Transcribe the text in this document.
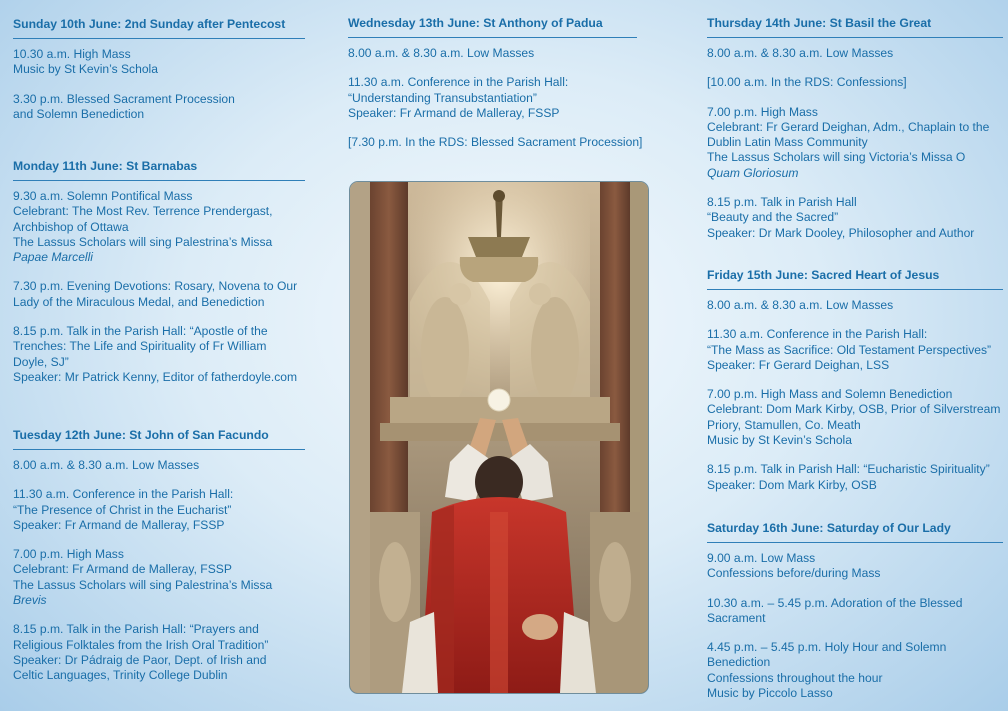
Sunday 10th June: 2nd Sunday after Pentecost
10.30 a.m. High Mass
Music by St Kevin’s Schola
3.30 p.m. Blessed Sacrament Procession
and Solemn Benediction
Monday 11th June: St Barnabas
9.30 a.m. Solemn Pontifical Mass
Celebrant: The Most Rev. Terrence Prendergast,
Archbishop of Ottawa
The Lassus Scholars will sing Palestrina’s Missa
Papae Marcelli
7.30 p.m. Evening Devotions: Rosary, Novena to Our
Lady of the Miraculous Medal, and Benediction
8.15 p.m. Talk in the Parish Hall: “Apostle of the
Trenches: The Life and Spirituality of Fr William
Doyle, SJ”
Speaker: Mr Patrick Kenny, Editor of fatherdoyle.com
Tuesday 12th June: St John of San Facundo
8.00 a.m. & 8.30 a.m. Low Masses
11.30 a.m. Conference in the Parish Hall:
“The Presence of Christ in the Eucharist”
Speaker: Fr Armand de Malleray, FSSP
7.00 p.m. High Mass
Celebrant: Fr Armand de Malleray, FSSP
The Lassus Scholars will sing Palestrina’s Missa
Brevis
8.15 p.m. Talk in the Parish Hall: “Prayers and
Religious Folktales from the Irish Oral Tradition”
Speaker: Dr Pádraig de Paor, Dept. of Irish and
Celtic Languages, Trinity College Dublin
Wednesday 13th June: St Anthony of Padua
8.00 a.m. & 8.30 a.m. Low Masses
11.30 a.m. Conference in the Parish Hall:
“Understanding Transubstantiation”
Speaker: Fr Armand de Malleray, FSSP
[7.30 p.m. In the RDS: Blessed Sacrament Procession]
Thursday 14th June: St Basil the Great
8.00 a.m. & 8.30 a.m. Low Masses
[10.00 a.m. In the RDS: Confessions]
7.00 p.m. High Mass
Celebrant: Fr Gerard Deighan, Adm., Chaplain to the
Dublin Latin Mass Community
The Lassus Scholars will sing Victoria’s Missa O
Quam Gloriosum
8.15 p.m. Talk in Parish Hall
“Beauty and the Sacred”
Speaker: Dr Mark Dooley, Philosopher and Author
Friday 15th June: Sacred Heart of Jesus
8.00 a.m. & 8.30 a.m. Low Masses
11.30 a.m. Conference in the Parish Hall:
“The Mass as Sacrifice: Old Testament Perspectives”
Speaker: Fr Gerard Deighan, LSS
7.00 p.m. High Mass and Solemn Benediction
Celebrant: Dom Mark Kirby, OSB, Prior of Silverstream
Priory, Stamullen, Co. Meath
Music by St Kevin’s Schola
8.15 p.m. Talk in Parish Hall: “Eucharistic Spirituality”
Speaker: Dom Mark Kirby, OSB
Saturday 16th June: Saturday of Our Lady
9.00 a.m. Low Mass
Confessions before/during Mass
10.30 a.m. – 5.45 p.m. Adoration of the Blessed
Sacrament
4.45 p.m. – 5.45 p.m. Holy Hour and Solemn
Benediction
Confessions throughout the hour
Music by Piccolo Lasso
